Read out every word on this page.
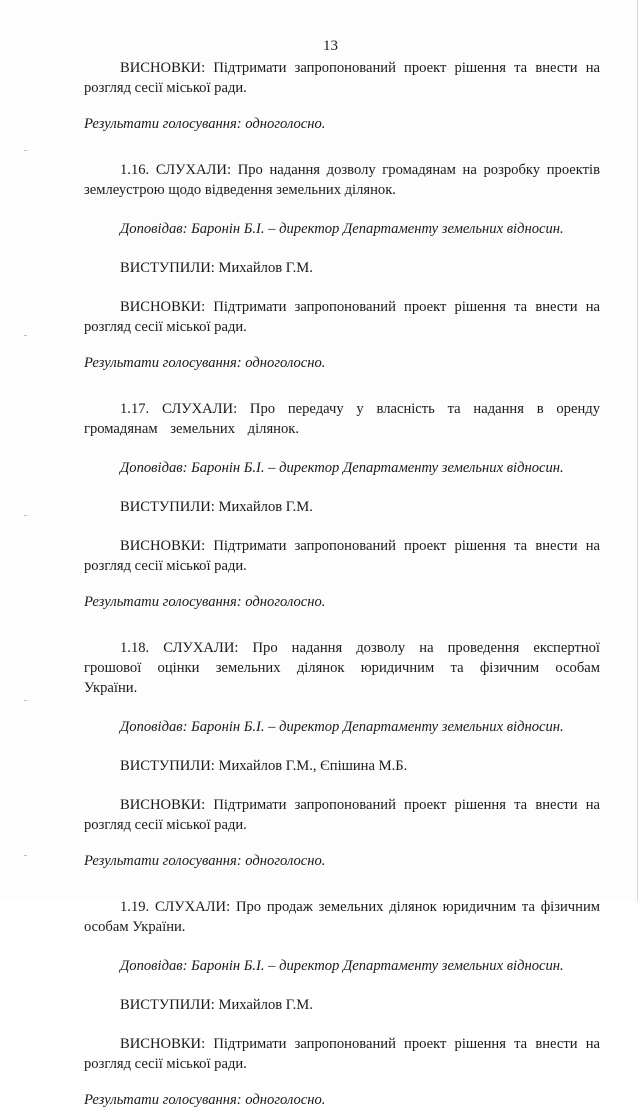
13

ВИСНОВКИ: Підтримати запропонований проект рішення та внести на розгляд сесії міської ради.

Результати голосування: одноголосно.

1.16. СЛУХАЛИ: Про надання дозволу громадянам на розробку проектів землеустрою щодо відведення земельних ділянок.

Доповідав: Баронін Б.І. – директор Департаменту земельних відносин.

ВИСТУПИЛИ: Михайлов Г.М.

ВИСНОВКИ: Підтримати запропонований проект рішення та внести на розгляд сесії міської ради.

Результати голосування: одноголосно.

1.17. СЛУХАЛИ: Про передачу у власність та надання в оренду громадянам земельних ділянок.

Доповідав: Баронін Б.І. – директор Департаменту земельних відносин.

ВИСТУПИЛИ: Михайлов Г.М.

ВИСНОВКИ: Підтримати запропонований проект рішення та внести на розгляд сесії міської ради.

Результати голосування: одноголосно.

1.18. СЛУХАЛИ: Про надання дозволу на проведення експертної грошової оцінки земельних ділянок юридичним та фізичним особам України.

Доповідав: Баронін Б.І. – директор Департаменту земельних відносин.

ВИСТУПИЛИ: Михайлов Г.М., Єпішина М.Б.

ВИСНОВКИ: Підтримати запропонований проект рішення та внести на розгляд сесії міської ради.

Результати голосування: одноголосно.

1.19. СЛУХАЛИ: Про продаж земельних ділянок юридичним та фізичним особам України.

Доповідав: Баронін Б.І. – директор Департаменту земельних відносин.

ВИСТУПИЛИ: Михайлов Г.М.

ВИСНОВКИ: Підтримати запропонований проект рішення та внести на розгляд сесії міської ради.

Результати голосування: одноголосно.
